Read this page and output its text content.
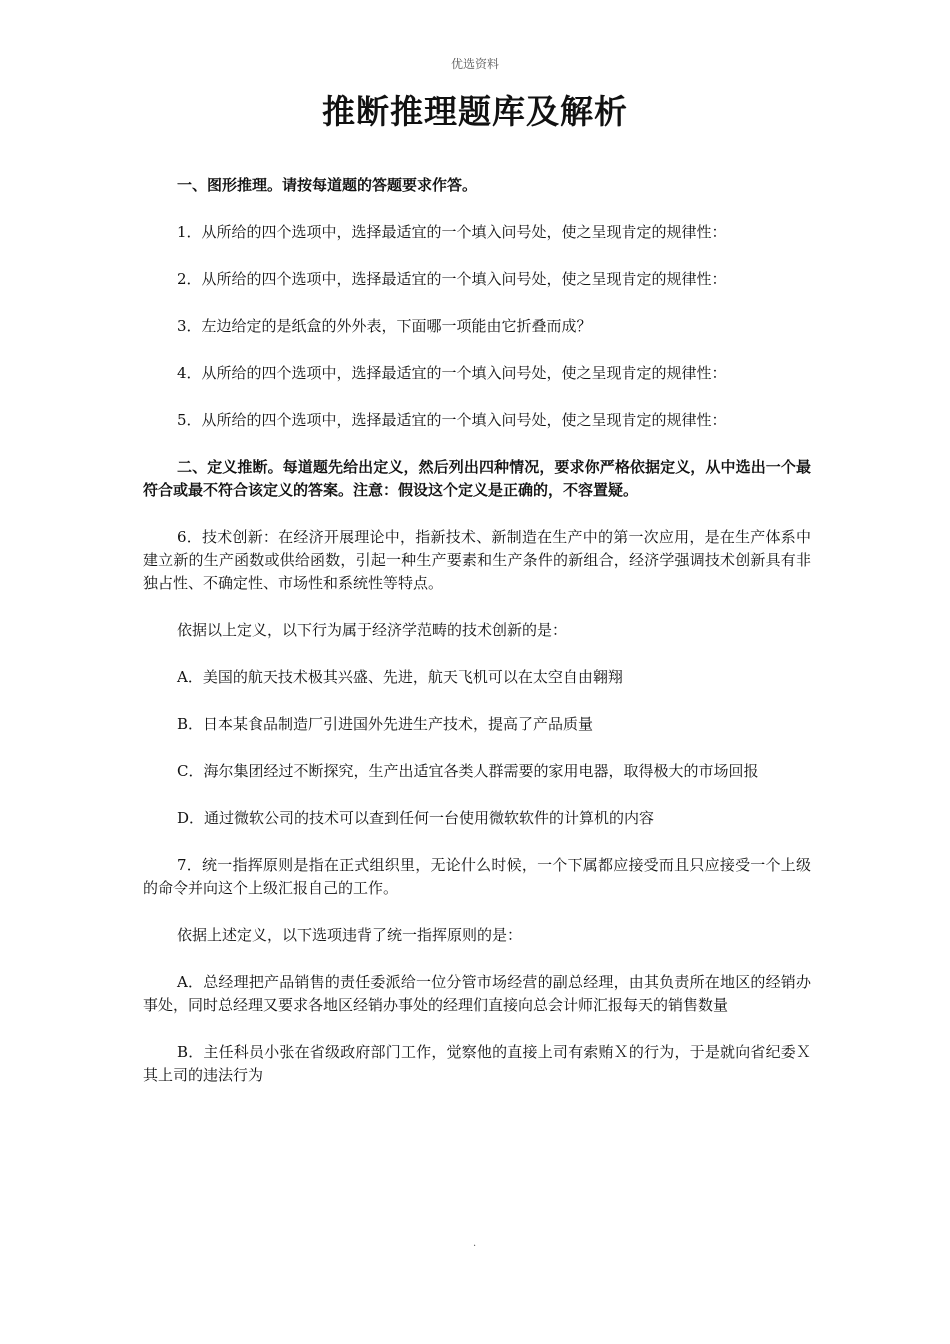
优选资料
推断推理题库及解析

一、图形推理。请按每道题的答题要求作答。

1．从所给的四个选项中，选择最适宜的一个填入问号处，使之呈现肯定的规律性：

2．从所给的四个选项中，选择最适宜的一个填入问号处，使之呈现肯定的规律性：

3．左边给定的是纸盒的外外表，下面哪一项能由它折叠而成？

4．从所给的四个选项中，选择最适宜的一个填入问号处，使之呈现肯定的规律性：

5．从所给的四个选项中，选择最适宜的一个填入问号处，使之呈现肯定的规律性：

二、定义推断。每道题先给出定义，然后列出四种情况，要求你严格依据定义，从中选出一个最符合或最不符合该定义的答案。注意：假设这个定义是正确的，不容置疑。

6．技术创新：在经济开展理论中，指新技术、新制造在生产中的第一次应用，是在生产体系中建立新的生产函数或供给函数，引起一种生产要素和生产条件的新组合，经济学强调技术创新具有非独占性、不确定性、市场性和系统性等特点。

依据以上定义，以下行为属于经济学范畴的技术创新的是：

A．美国的航天技术极其兴盛、先进，航天飞机可以在太空自由翱翔

B．日本某食品制造厂引进国外先进生产技术，提高了产品质量

C．海尔集团经过不断探究，生产出适宜各类人群需要的家用电器，取得极大的市场回报

D．通过微软公司的技术可以查到任何一台使用微软软件的计算机的内容

7．统一指挥原则是指在正式组织里，无论什么时候，一个下属都应接受而且只应接受一个上级的命令并向这个上级汇报自己的工作。

依据上述定义，以下选项违背了统一指挥原则的是：

A．总经理把产品销售的责任委派给一位分管市场经营的副总经理，由其负责所在地区的经销办事处，同时总经理又要求各地区经销办事处的经理们直接向总会计师汇报每天的销售数量

B．主任科员小张在省级政府部门工作，觉察他的直接上司有索贿Ｘ的行为，于是就向省纪委Ｘ其上司的违法行为

.
